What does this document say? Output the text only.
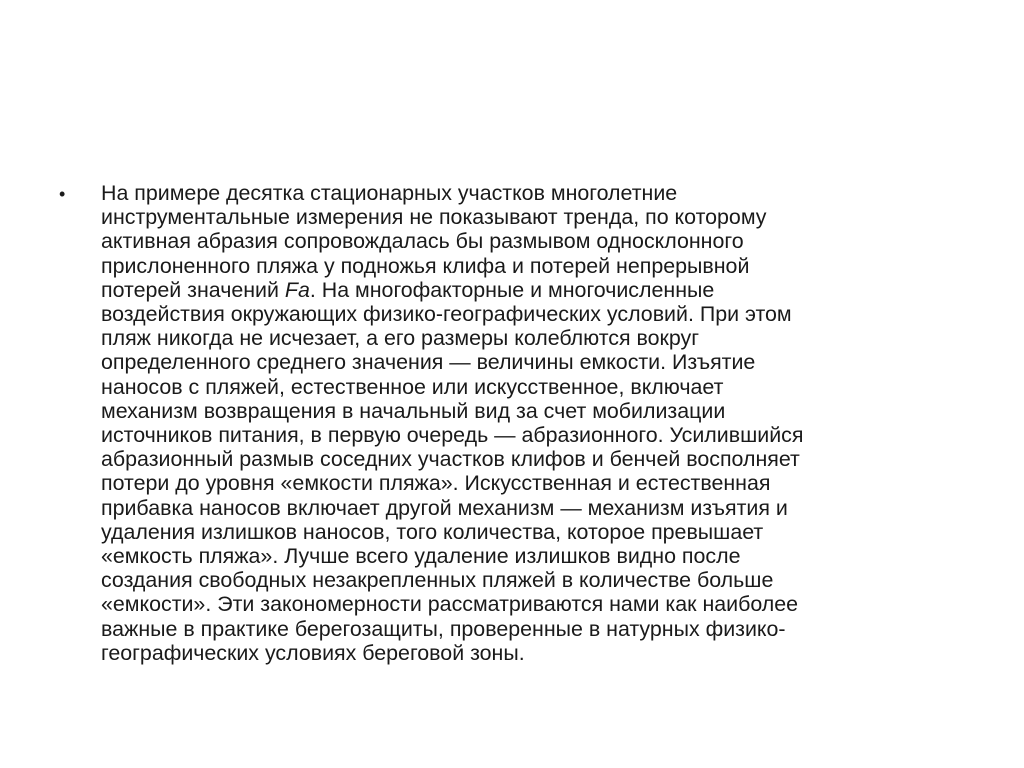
• На примере десятка стационарных участков многолетние
инструментальные измерения не показывают тренда, по которому
активная абразия сопровождалась бы размывом односклонного
прислоненного пляжа у подножья клифа и потерей непрерывной
потерей значений Fa. На многофакторные и многочисленные
воздействия окружающих физико-географических условий. При этом
пляж никогда не исчезает, а его размеры колеблются вокруг
определенного среднего значения — величины емкости. Изъятие
наносов с пляжей, естественное или искусственное, включает
механизм возвращения в начальный вид за счет мобилизации
источников питания, в первую очередь — абразионного. Усилившийся
абразионный размыв соседних участков клифов и бенчей восполняет
потери до уровня «емкости пляжа». Искусственная и естественная
прибавка наносов включает другой механизм — механизм изъятия и
удаления излишков наносов, того количества, которое превышает
«емкость пляжа». Лучше всего удаление излишков видно после
создания свободных незакрепленных пляжей в количестве больше
«емкости». Эти закономерности рассматриваются нами как наиболее
важные в практике берегозащиты, проверенные в натурных физико-
географических условиях береговой зоны.
